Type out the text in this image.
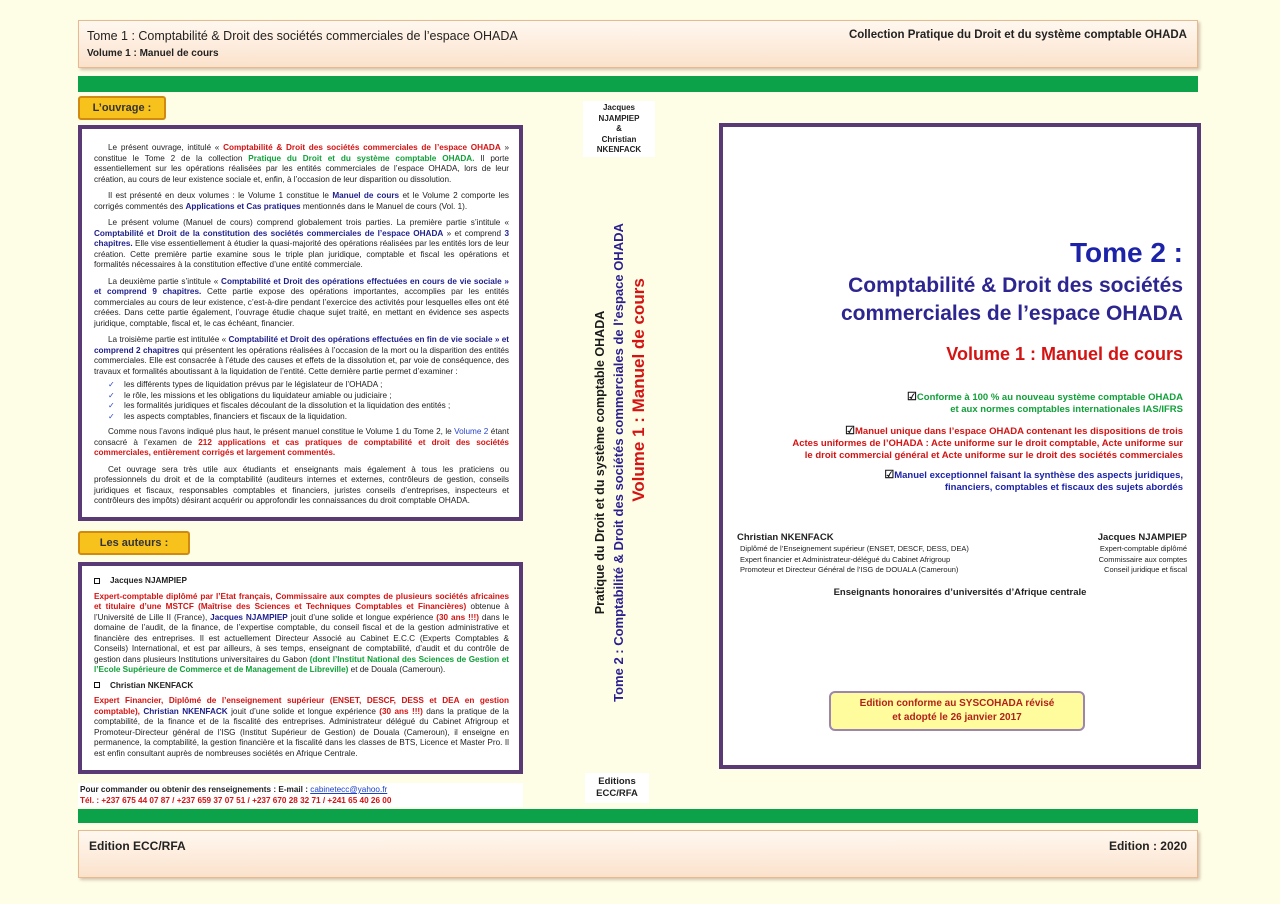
Tome 1 : Comptabilité & Droit des sociétés commerciales de l’espace OHADA
Volume 1 : Manuel de cours
Collection Pratique du Droit et du système comptable OHADA
L’ouvrage :

Le présent ouvrage, intitulé « Comptabilité & Droit des sociétés commerciales de l’espace OHADA » constitue le Tome 2 de la collection Pratique du Droit et du système comptable OHADA. Il porte essentiellement sur les opérations réalisées par les entités commerciales de l’espace OHADA, lors de leur création, au cours de leur existence sociale et, enfin, à l’occasion de leur disparition ou dissolution.

Il est présenté en deux volumes : le Volume 1 constitue le Manuel de cours et le Volume 2 comporte les corrigés commentés des Applications et Cas pratiques mentionnés dans le Manuel de cours (Vol. 1).

Le présent volume (Manuel de cours) comprend globalement trois parties. La première partie s’intitule « Comptabilité et Droit de la constitution des sociétés commerciales de l’espace OHADA » et comprend 3 chapitres. Elle vise essentiellement à étudier la quasi-majorité des opérations réalisées par les entités lors de leur création. Cette première partie examine sous le triple plan juridique, comptable et fiscal les opérations et formalités nécessaires à la constitution effective d’une entité commerciale.

La deuxième partie s’intitule « Comptabilité et Droit des opérations effectuées en cours de vie sociale » et comprend 9 chapitres. Cette partie expose des opérations importantes, accomplies par les entités commerciales au cours de leur existence, c’est-à-dire pendant l’exercice des activités pour lesquelles elles ont été créées. Dans cette partie également, l’ouvrage étudie chaque sujet traité, en mettant en évidence ses aspects juridique, comptable, fiscal et, le cas échéant, financier.

La troisième partie est intitulée « Comptabilité et Droit des opérations effectuées en fin de vie sociale » et comprend 2 chapitres qui présentent les opérations réalisées à l’occasion de la mort ou la disparition des entités commerciales. Elle est consacrée à l’étude des causes et effets de la dissolution et, par voie de conséquence, des travaux et formalités aboutissant à la liquidation de l’entité. Cette dernière partie permet d’examiner :

✓ les différents types de liquidation prévus par le législateur de l’OHADA ;
✓ le rôle, les missions et les obligations du liquidateur amiable ou judiciaire ;
✓ les formalités juridiques et fiscales découlant de la dissolution et la liquidation des entités ;
✓ les aspects comptables, financiers et fiscaux de la liquidation.

Comme nous l’avons indiqué plus haut, le présent manuel constitue le Volume 1 du Tome 2, le Volume 2 étant consacré à l’examen de 212 applications et cas pratiques de comptabilité et droit des sociétés commerciales, entièrement corrigés et largement commentés.

Cet ouvrage sera très utile aux étudiants et enseignants mais également à tous les praticiens ou professionnels du droit et de la comptabilité (auditeurs internes et externes, contrôleurs de gestion, conseils juridiques et fiscaux, responsables comptables et financiers, juristes conseils d’entreprises, inspecteurs et contrôleurs des impôts) désirant acquérir ou approfondir les connaissances du droit comptable OHADA.

Les auteurs :

Jacques NJAMPIEP

Expert-comptable diplômé par l’Etat français, Commissaire aux comptes de plusieurs sociétés africaines et titulaire d’une MSTCF (Maîtrise des Sciences et Techniques Comptables et Financières) obtenue à l’Université de Lille II (France), Jacques NJAMPIEP jouit d’une solide et longue expérience (30 ans !!!) dans le domaine de l’audit, de la finance, de l’expertise comptable, du conseil fiscal et de la gestion administrative et financière des entreprises. Il est actuellement Directeur Associé au Cabinet E.C.C (Experts Comptables & Conseils) International, et est par ailleurs, à ses temps, enseignant de comptabilité, d’audit et du contrôle de gestion dans plusieurs Institutions universitaires du Gabon (dont l’Institut National des Sciences de Gestion et l’Ecole Supérieure de Commerce et de Management de Libreville) et de Douala (Cameroun).

Christian NKENFACK

Expert Financier, Diplômé de l’enseignement supérieur (ENSET, DESCF, DESS et DEA en gestion comptable), Christian NKENFACK jouit d’une solide et longue expérience (30 ans !!!) dans la pratique de la comptabilité, de la finance et de la fiscalité des entreprises. Administrateur délégué du Cabinet Afrigroup et Promoteur-Directeur général de l’ISG (Institut Supérieur de Gestion) de Douala (Cameroun), il enseigne en permanence, la comptabilité, la gestion financière et la fiscalité dans les classes de BTS, Licence et Master Pro. Il est enfin consultant auprès de nombreuses sociétés en Afrique Centrale.

Pour commander ou obtenir des renseignements : E-mail : cabinetecc@yahoo.fr
Tél. : +237 675 44 07 87 / +237 659 37 07 51 / +237 670 28 32 71 / +241 65 40 26 00
Jacques
NJAMPIEP
&
Christian
NKENFACK
Pratique du Droit et du système comptable OHADA Tome 2 : Comptabilité & Droit des sociétés commerciales de l’espace OHADA Volume 1 : Manuel de cours
Editions
ECC/RFA
Tome 2 :
Comptabilité & Droit des sociétés
commerciales de l’espace OHADA
Volume 1 : Manuel de cours
☑Conforme à 100 % au nouveau système comptable OHADA
et aux normes comptables internationales IAS/IFRS
☑Manuel unique dans l’espace OHADA contenant les dispositions de trois
Actes uniformes de l’OHADA : Acte uniforme sur le droit comptable, Acte uniforme sur
le droit commercial général et Acte uniforme sur le droit des sociétés commerciales
☑Manuel exceptionnel faisant la synthèse des aspects juridiques,
financiers, comptables et fiscaux des sujets abordés
Christian NKENFACK
Diplômé de l’Enseignement supérieur (ENSET, DESCF, DESS, DEA)
Expert financier et Administrateur-délégué du Cabinet Afrigroup
Promoteur et Directeur Général de l’ISG de DOUALA (Cameroun)
Jacques NJAMPIEP
Expert-comptable diplômé
Commissaire aux comptes
Conseil juridique et fiscal
Enseignants honoraires d’universités d’Afrique centrale
Edition conforme au SYSCOHADA révisé
et adopté le 26 janvier 2017
Edition ECC/RFA	Edition : 2020
